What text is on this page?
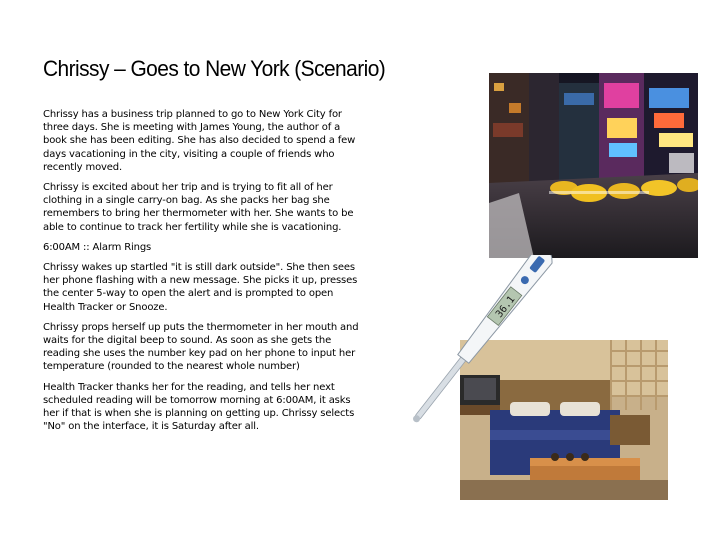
Chrissy – Goes to New York (Scenario)

Chrissy has a business trip planned to go to New York City for three days. She is meeting with James Young, the author of a book she has been editing. She has also decided to spend a few days vacationing in the city, visiting a couple of friends who recently moved.

Chrissy is excited about her trip and is trying to fit all of her clothing in a single carry-on bag. As she packs her bag she remembers to bring her thermometer with her. She wants to be able to continue to track her fertility while she is vacationing.

6:00AM :: Alarm Rings

Chrissy wakes up startled "it is still dark outside". She then sees her phone flashing with a new message. She picks it up, presses the center 5-way to open the alert and is prompted to open Health Tracker or Snooze.

Chrissy props herself up puts the thermometer in her mouth and waits for the digital beep to sound. As soon as she gets the reading she uses the number key pad on her phone to input her temperature (rounded to the nearest whole number)

Health Tracker thanks her for the reading, and tells her next scheduled reading will be tomorrow morning at 6:00AM, it asks her if that is when she is planning on getting up. Chrissy selects "No" on the interface, it is Saturday after all.

36.1
